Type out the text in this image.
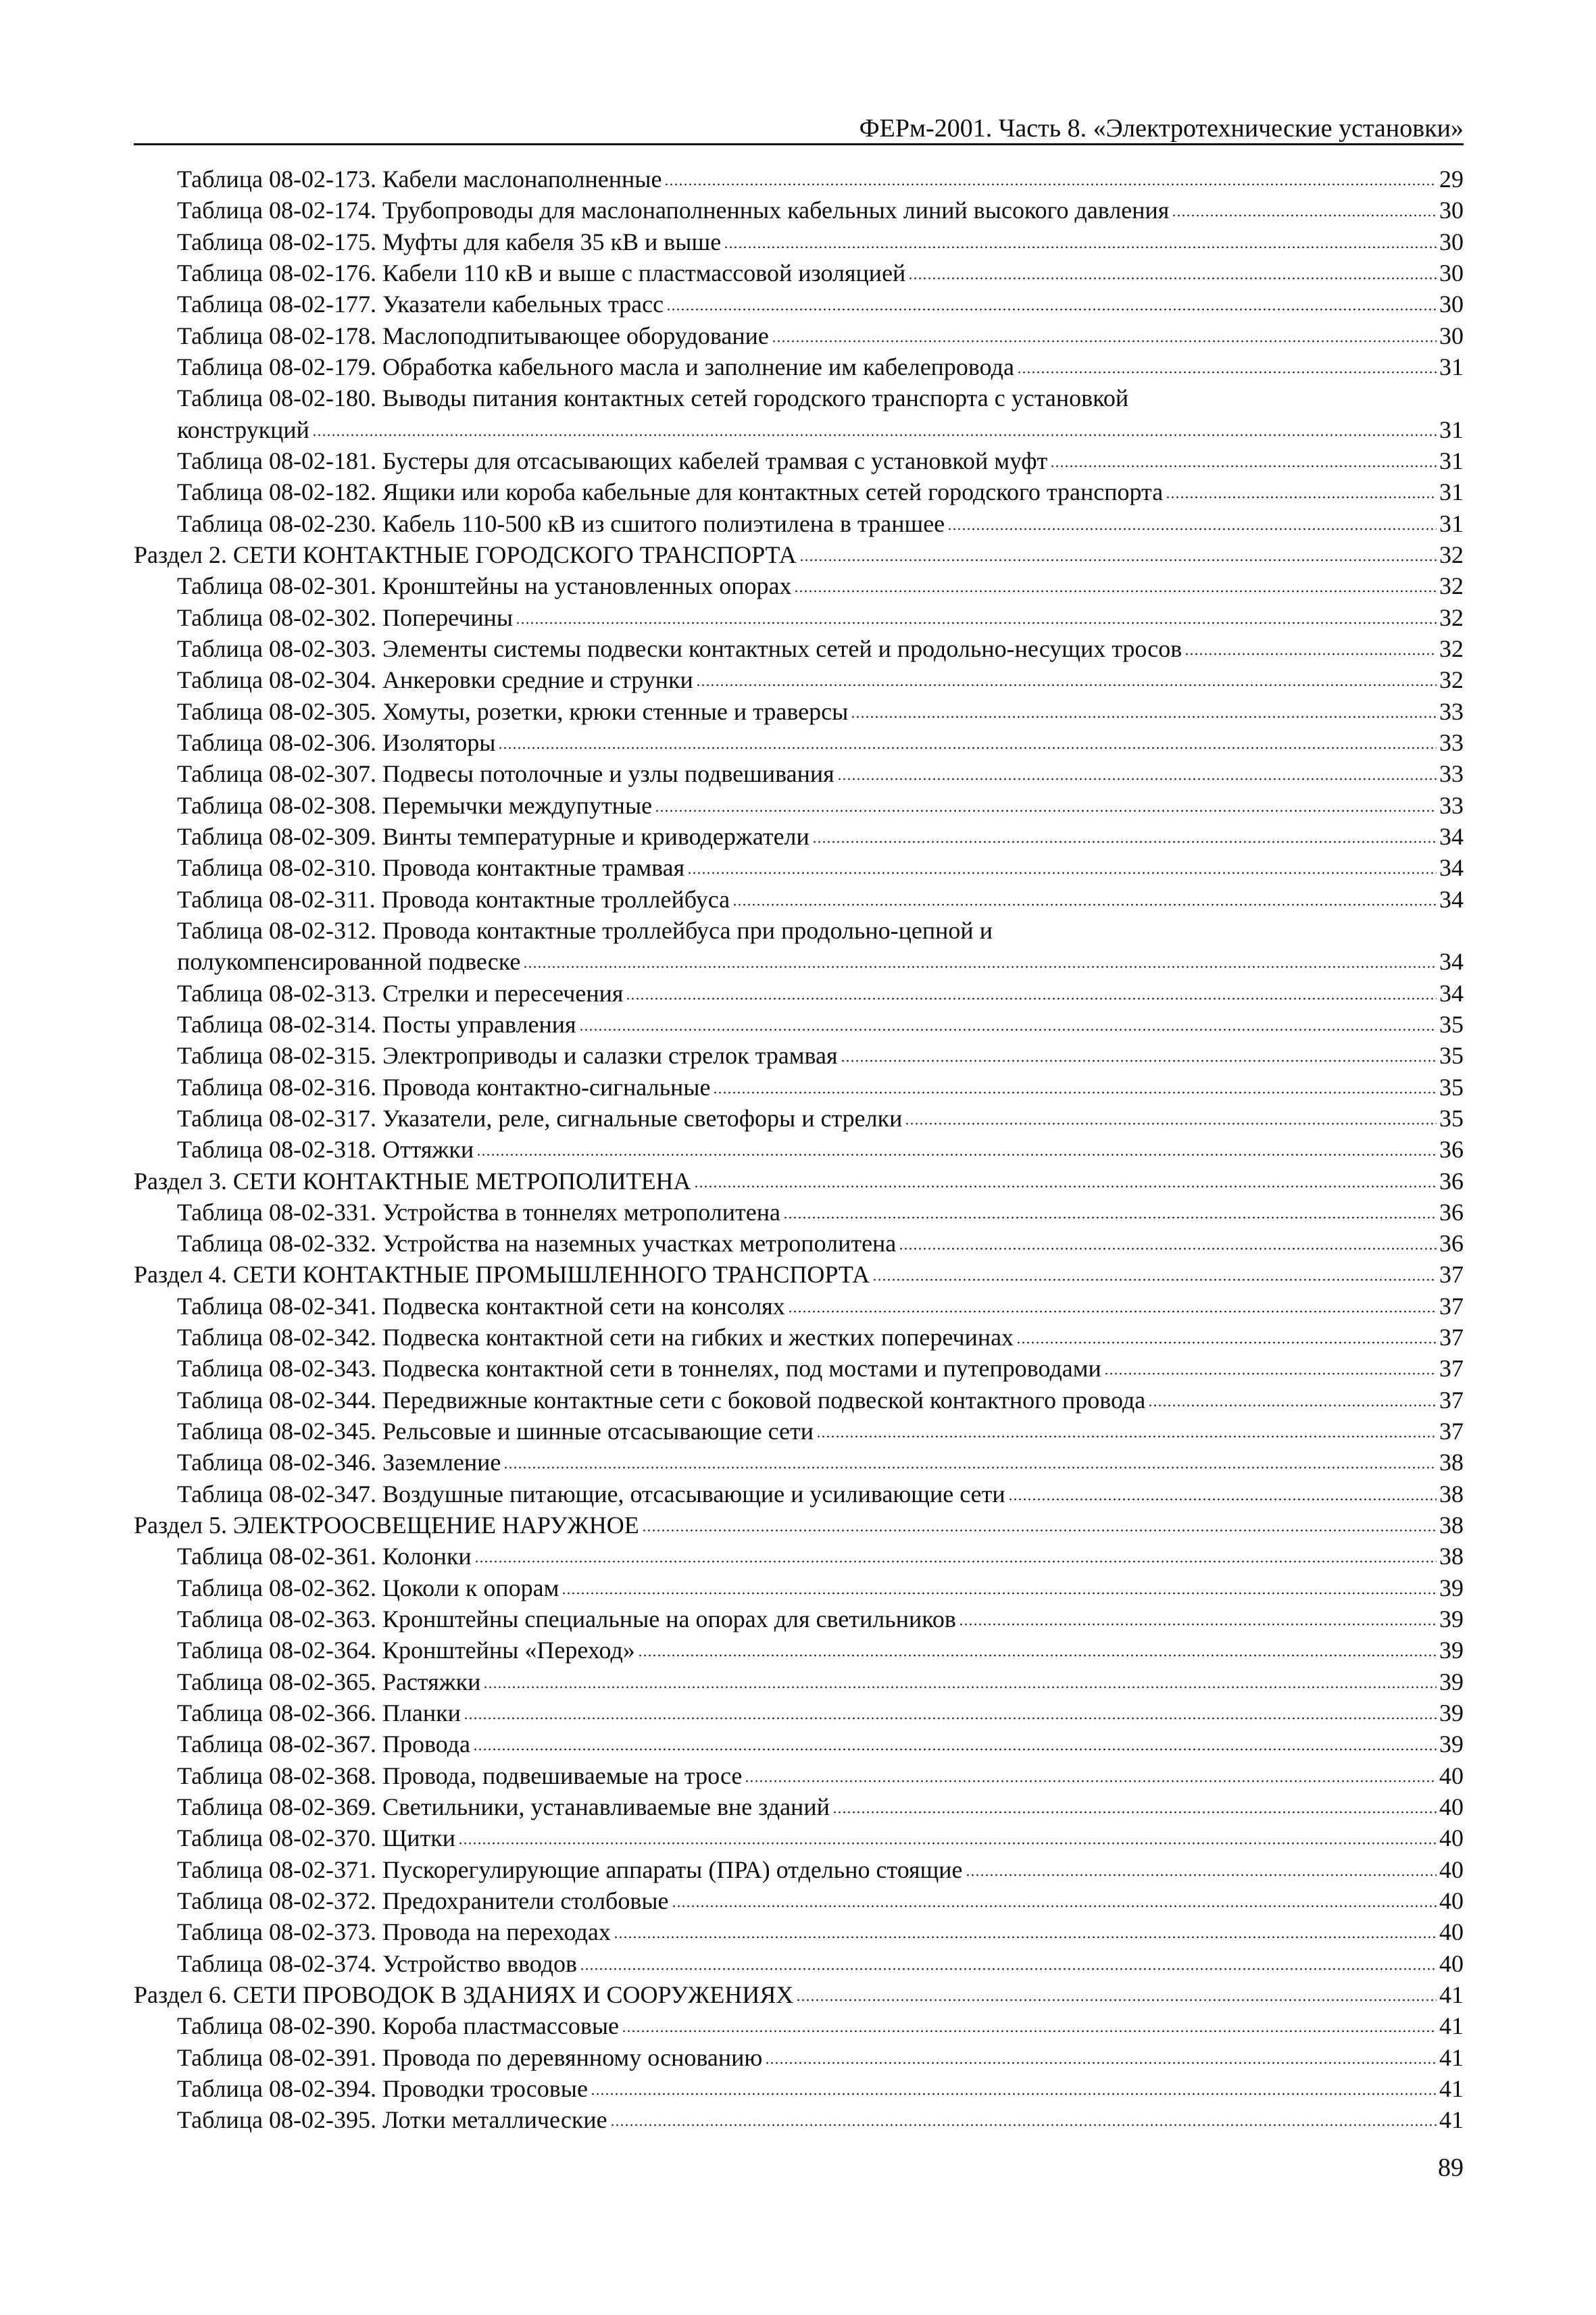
ФЕРм-2001. Часть 8. «Электротехнические установки»
Таблица 08-02-173. Кабели маслонаполненные	29
Таблица 08-02-174. Трубопроводы для маслонаполненных кабельных линий высокого давления	30
Таблица 08-02-175. Муфты для кабеля 35 кВ и выше	30
Таблица 08-02-176. Кабели 110 кВ и выше с пластмассовой изоляцией	30
Таблица 08-02-177. Указатели кабельных трасс	30
Таблица 08-02-178. Маслоподпитывающее оборудование	30
Таблица 08-02-179. Обработка кабельного масла и заполнение им кабелепровода	31
Таблица 08-02-180. Выводы питания контактных сетей городского транспорта с установкой
конструкций	31
Таблица 08-02-181. Бустеры для отсасывающих кабелей трамвая с установкой муфт	31
Таблица 08-02-182. Ящики или короба кабельные для контактных сетей городского транспорта	31
Таблица 08-02-230. Кабель 110-500 кВ из сшитого полиэтилена в траншее	31
Раздел 2. СЕТИ КОНТАКТНЫЕ ГОРОДСКОГО ТРАНСПОРТА	32
Таблица 08-02-301. Кронштейны на установленных опорах	32
Таблица 08-02-302. Поперечины	32
Таблица 08-02-303. Элементы системы подвески контактных сетей и продольно-несущих тросов	32
Таблица 08-02-304. Анкеровки средние и струнки	32
Таблица 08-02-305. Хомуты, розетки, крюки стенные и траверсы	33
Таблица 08-02-306. Изоляторы	33
Таблица 08-02-307. Подвесы потолочные и узлы подвешивания	33
Таблица 08-02-308. Перемычки междупутные	33
Таблица 08-02-309. Винты температурные и криводержатели	34
Таблица 08-02-310. Провода контактные трамвая	34
Таблица 08-02-311. Провода контактные троллейбуса	34
Таблица 08-02-312. Провода контактные троллейбуса при продольно-цепной и
полукомпенсированной подвеске	34
Таблица 08-02-313. Стрелки и пересечения	34
Таблица 08-02-314. Посты управления	35
Таблица 08-02-315. Электроприводы и салазки стрелок трамвая	35
Таблица 08-02-316. Провода контактно-сигнальные	35
Таблица 08-02-317. Указатели, реле, сигнальные светофоры и стрелки	35
Таблица 08-02-318. Оттяжки	36
Раздел 3. СЕТИ КОНТАКТНЫЕ МЕТРОПОЛИТЕНА	36
Таблица 08-02-331. Устройства в тоннелях метрополитена	36
Таблица 08-02-332. Устройства на наземных участках метрополитена	36
Раздел 4. СЕТИ КОНТАКТНЫЕ ПРОМЫШЛЕННОГО ТРАНСПОРТА	37
Таблица 08-02-341. Подвеска контактной сети на консолях	37
Таблица 08-02-342. Подвеска контактной сети на гибких и жестких поперечинах	37
Таблица 08-02-343. Подвеска контактной сети в тоннелях, под мостами и путепроводами	37
Таблица 08-02-344. Передвижные контактные сети с боковой подвеской контактного провода	37
Таблица 08-02-345. Рельсовые и шинные отсасывающие сети	37
Таблица 08-02-346. Заземление	38
Таблица 08-02-347. Воздушные питающие, отсасывающие и усиливающие сети	38
Раздел 5. ЭЛЕКТРООСВЕЩЕНИЕ НАРУЖНОЕ	38
Таблица 08-02-361. Колонки	38
Таблица 08-02-362. Цоколи к опорам	39
Таблица 08-02-363. Кронштейны специальные на опорах для светильников	39
Таблица 08-02-364. Кронштейны «Переход»	39
Таблица 08-02-365. Растяжки	39
Таблица 08-02-366. Планки	39
Таблица 08-02-367. Провода	39
Таблица 08-02-368. Провода, подвешиваемые на тросе	40
Таблица 08-02-369. Светильники, устанавливаемые вне зданий	40
Таблица 08-02-370. Щитки	40
Таблица 08-02-371. Пускорегулирующие аппараты (ПРА) отдельно стоящие	40
Таблица 08-02-372. Предохранители столбовые	40
Таблица 08-02-373. Провода на переходах	40
Таблица 08-02-374. Устройство вводов	40
Раздел 6. СЕТИ ПРОВОДОК В ЗДАНИЯХ И СООРУЖЕНИЯХ	41
Таблица 08-02-390. Короба пластмассовые	41
Таблица 08-02-391. Провода по деревянному основанию	41
Таблица 08-02-394. Проводки тросовые	41
Таблица 08-02-395. Лотки металлические	41
89
